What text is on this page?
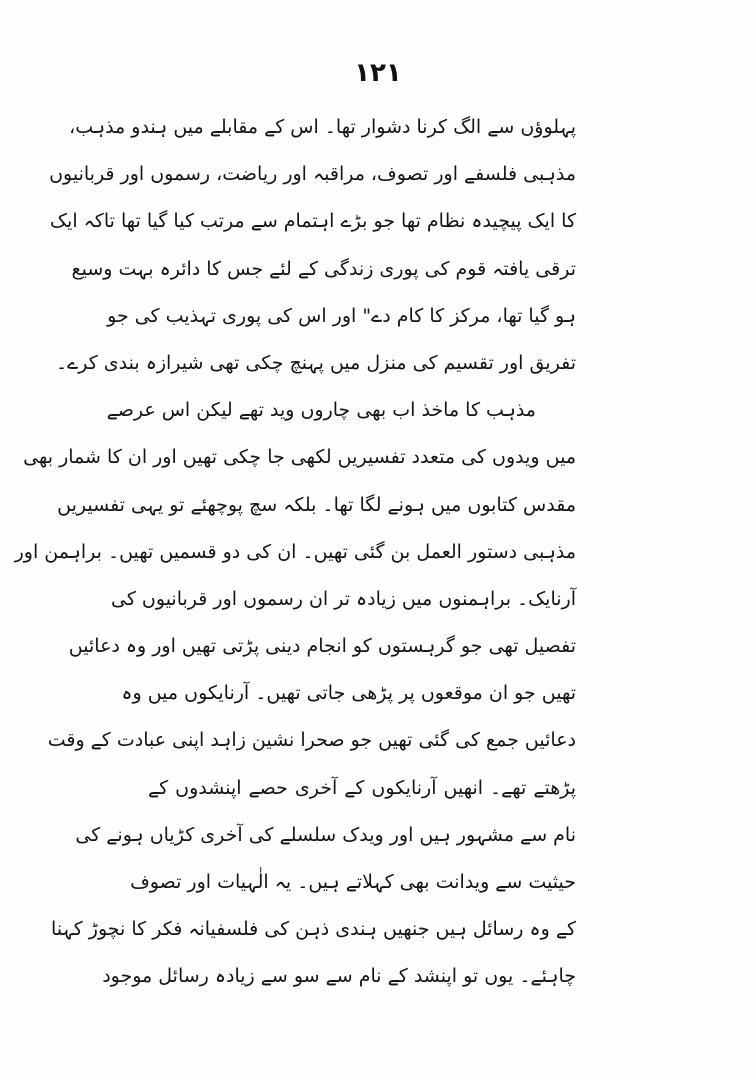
۱۲۱
پہلوؤں سے الگ کرنا دشوار تھا۔ اس کے مقابلے میں ہندو مذہب،
مذہبی فلسفے اور تصوف، مراقبہ اور ریاضت، رسموں اور قربانیوں
کا ایک پیچیدہ نظام تھا جو بڑے اہتمام سے مرتب کیا گیا تھا تاکہ ایک
ترقی یافتہ قوم کی پوری زندگی کے لئے جس کا دائرہ بہت وسیع
ہو گیا تھا، مرکز کا کام دے" اور اس کی پوری تہذیب کی جو
تفریق اور تقسیم کی منزل میں پہنچ چکی تھی شیرازہ بندی کرے۔
مذہب کا ماخذ اب بھی چاروں وید تھے لیکن اس عرصے
میں ویدوں کی متعدد تفسیریں لکھی جا چکی تھیں اور ان کا شمار بھی
مقدس کتابوں میں ہونے لگا تھا۔ بلکہ سچ پوچھئے تو یہی تفسیریں
مذہبی دستور العمل بن گئی تھیں۔ ان کی دو قسمیں تھیں۔ براہمن اور
آرنایک۔ براہمنوں میں زیادہ تر ان رسموں اور قربانیوں کی
تفصیل تھی جو گرہستوں کو انجام دینی پڑتی تھیں اور وہ دعائیں
تھیں جو ان موقعوں پر پڑھی جاتی تھیں۔ آرنایکوں میں وہ
دعائیں جمع کی گئی تھیں جو صحرا نشین زاہد اپنی عبادت کے وقت
پڑھتے تھے۔ انھیں آرنایکوں کے آخری حصے اپنشدوں کے
نام سے مشہور ہیں اور ویدک سلسلے کی آخری کڑیاں ہونے کی
حیثیت سے ویدانت بھی کہلاتے ہیں۔ یہ الٰہیات اور تصوف
کے وہ رسائل ہیں جنھیں ہندی ذہن کی فلسفیانہ فکر کا نچوڑ کہنا
چاہئے۔ یوں تو اپنشد کے نام سے سو سے زیادہ رسائل موجود
